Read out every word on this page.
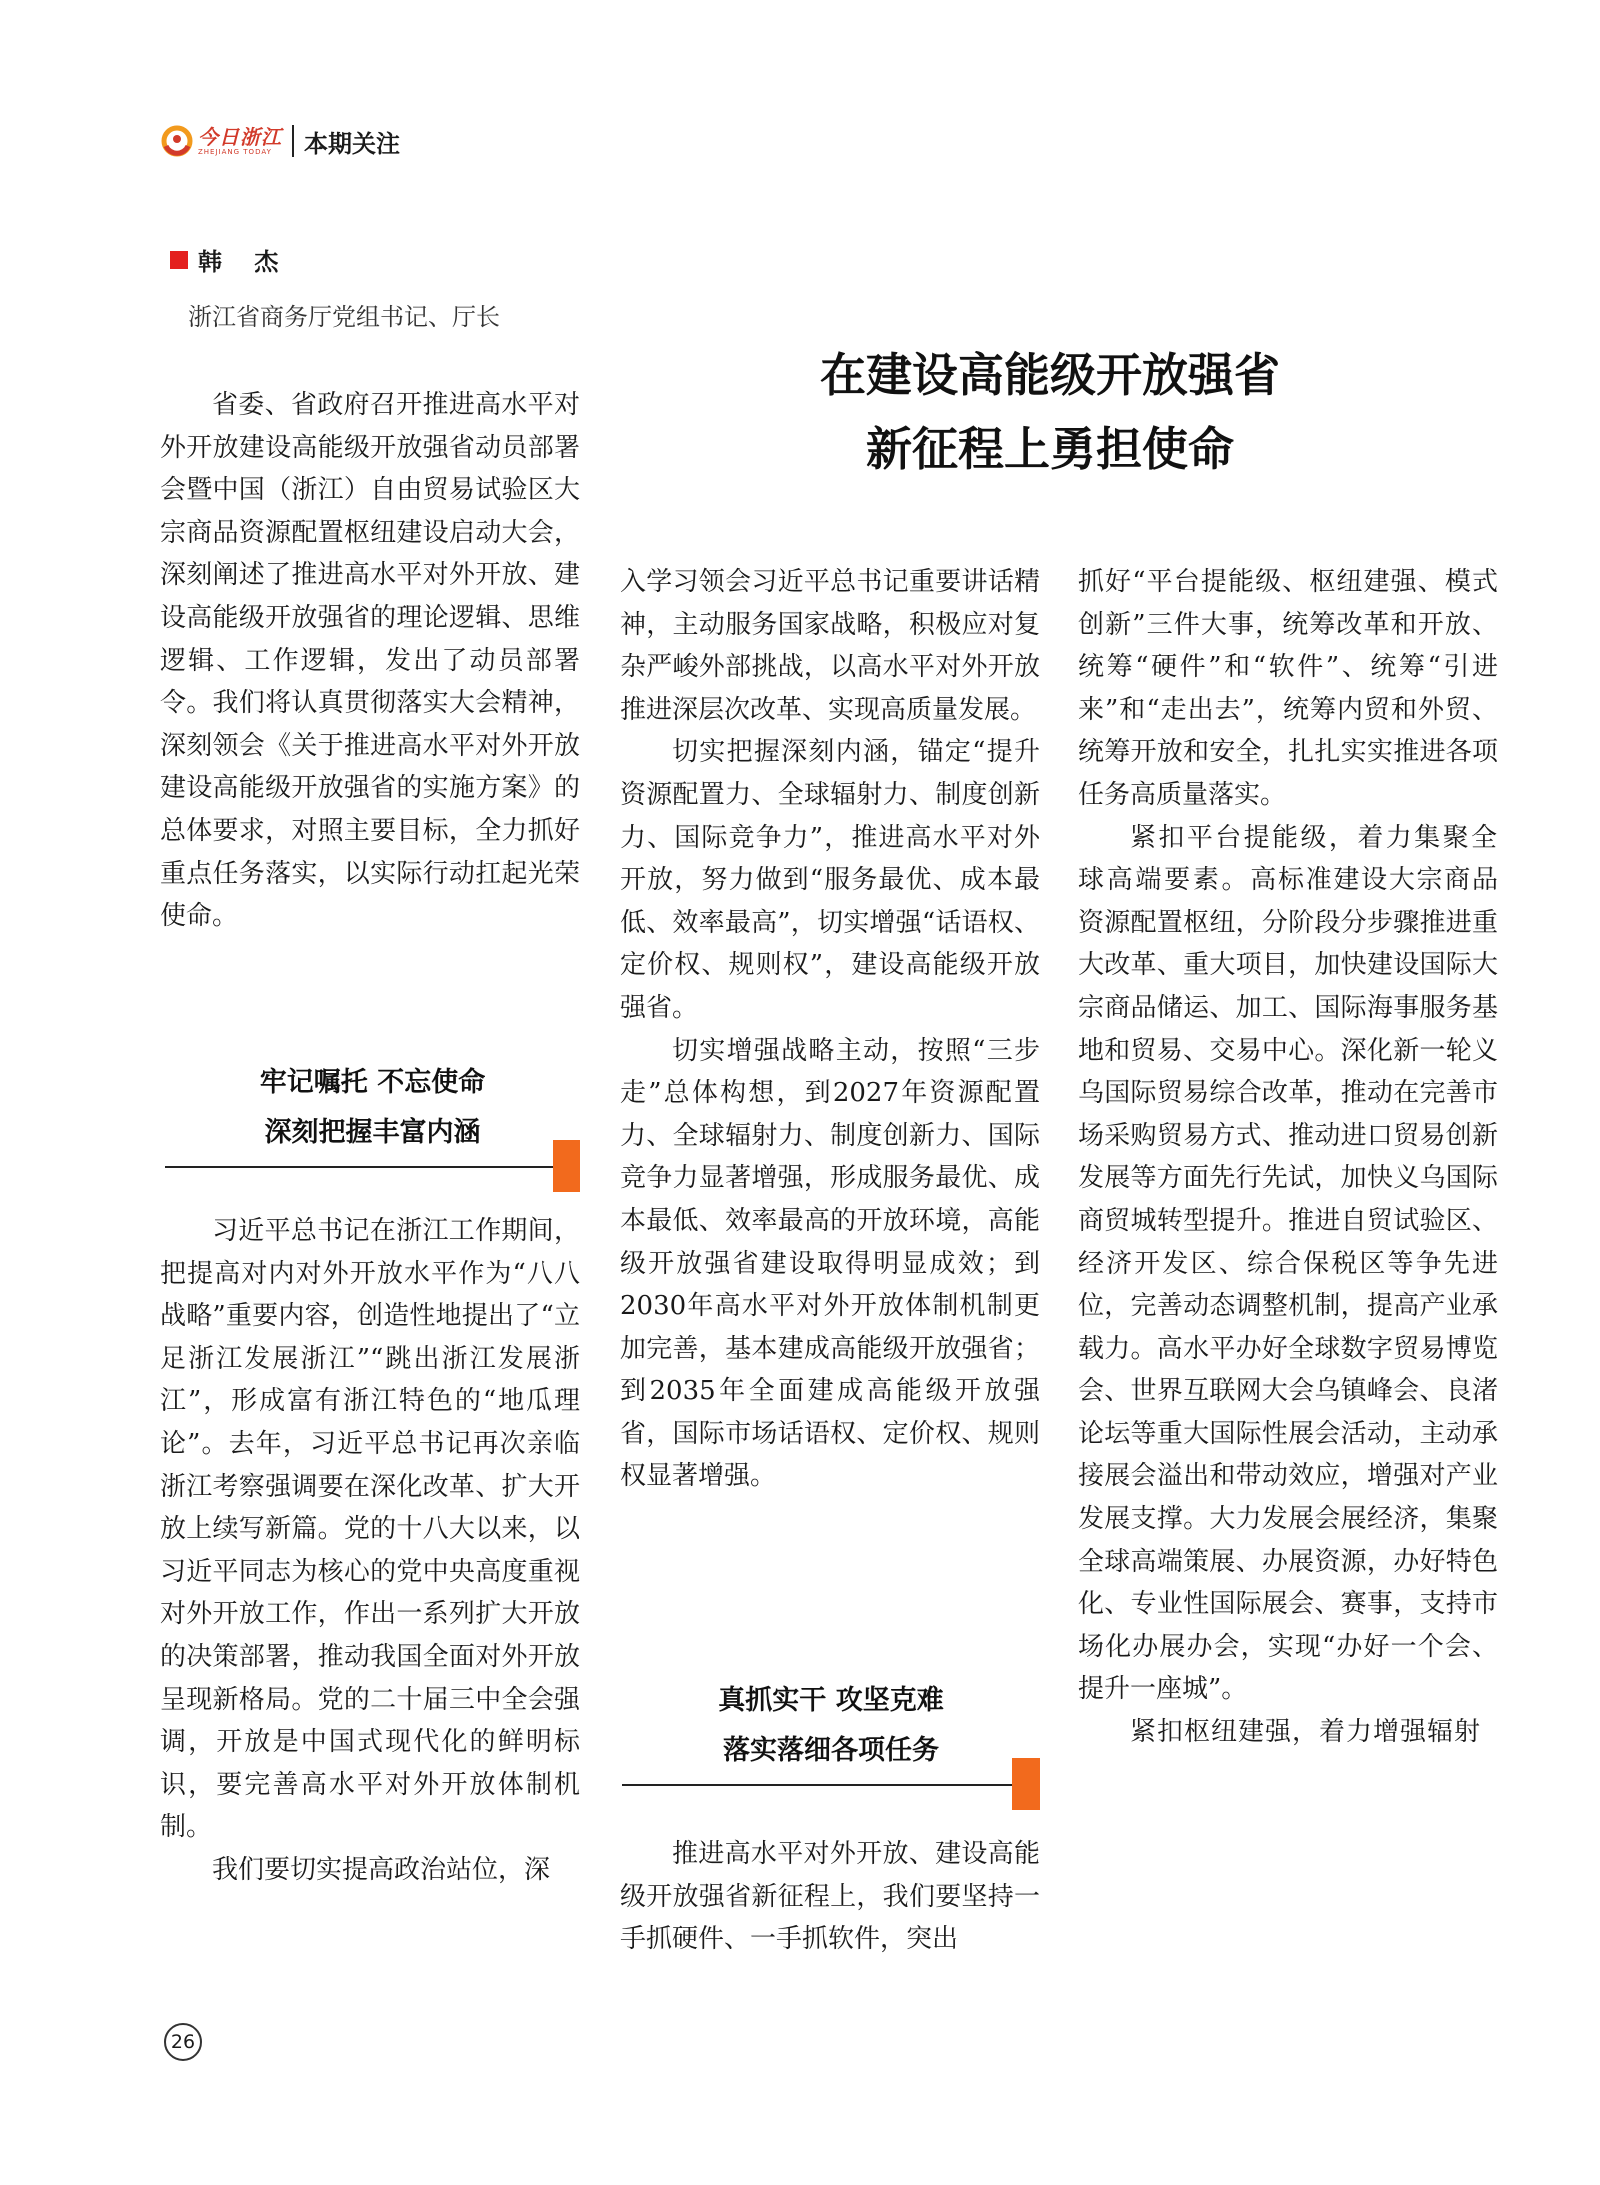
今日浙江
ZHEJIANG TODAY	本期关注
韩 杰
浙江省商务厅党组书记、厅长
在建设高能级开放强省
新征程上勇担使命

省委、省政府召开推进高水平对外开放建设高能级开放强省动员部署会暨中国（浙江）自由贸易试验区大宗商品资源配置枢纽建设启动大会，深刻阐述了推进高水平对外开放、建设高能级开放强省的理论逻辑、思维逻辑、工作逻辑，发出了动员部署令。我们将认真贯彻落实大会精神，深刻领会《关于推进高水平对外开放建设高能级开放强省的实施方案》的总体要求，对照主要目标，全力抓好重点任务落实，以实际行动扛起光荣使命。

牢记嘱托 不忘使命
深刻把握丰富内涵

习近平总书记在浙江工作期间，把提高对内对外开放水平作为“八八战略”重要内容，创造性地提出了“立足浙江发展浙江”“跳出浙江发展浙江”，形成富有浙江特色的“地瓜理论”。去年，习近平总书记再次亲临浙江考察强调要在深化改革、扩大开放上续写新篇。党的十八大以来，以习近平同志为核心的党中央高度重视对外开放工作，作出一系列扩大开放的决策部署，推动我国全面对外开放呈现新格局。党的二十届三中全会强调，开放是中国式现代化的鲜明标识，要完善高水平对外开放体制机制。

我们要切实提高政治站位，深

入学习领会习近平总书记重要讲话精神，主动服务国家战略，积极应对复杂严峻外部挑战，以高水平对外开放推进深层次改革、实现高质量发展。

切实把握深刻内涵，锚定“提升资源配置力、全球辐射力、制度创新力、国际竞争力”，推进高水平对外开放，努力做到“服务最优、成本最低、效率最高”，切实增强“话语权、定价权、规则权”，建设高能级开放强省。

切实增强战略主动，按照“三步走”总体构想，到2027年资源配置力、全球辐射力、制度创新力、国际竞争力显著增强，形成服务最优、成本最低、效率最高的开放环境，高能级开放强省建设取得明显成效；到2030年高水平对外开放体制机制更加完善，基本建成高能级开放强省；到2035年全面建成高能级开放强省，国际市场话语权、定价权、规则权显著增强。

真抓实干 攻坚克难
落实落细各项任务

推进高水平对外开放、建设高能级开放强省新征程上，我们要坚持一手抓硬件、一手抓软件，突出

抓好“平台提能级、枢纽建强、模式创新”三件大事，统筹改革和开放、统筹“硬件”和“软件”、统筹“引进来”和“走出去”，统筹内贸和外贸、统筹开放和安全，扎扎实实推进各项任务高质量落实。

紧扣平台提能级，着力集聚全球高端要素。高标准建设大宗商品资源配置枢纽，分阶段分步骤推进重大改革、重大项目，加快建设国际大宗商品储运、加工、国际海事服务基地和贸易、交易中心。深化新一轮义乌国际贸易综合改革，推动在完善市场采购贸易方式、推动进口贸易创新发展等方面先行先试，加快义乌国际商贸城转型提升。推进自贸试验区、经济开发区、综合保税区等争先进位，完善动态调整机制，提高产业承载力。高水平办好全球数字贸易博览会、世界互联网大会乌镇峰会、良渚论坛等重大国际性展会活动，主动承接展会溢出和带动效应，增强对产业发展支撑。大力发展会展经济，集聚全球高端策展、办展资源，办好特色化、专业性国际展会、赛事，支持市场化办展办会，实现“办好一个会、提升一座城”。

紧扣枢纽建强，着力增强辐射

26
